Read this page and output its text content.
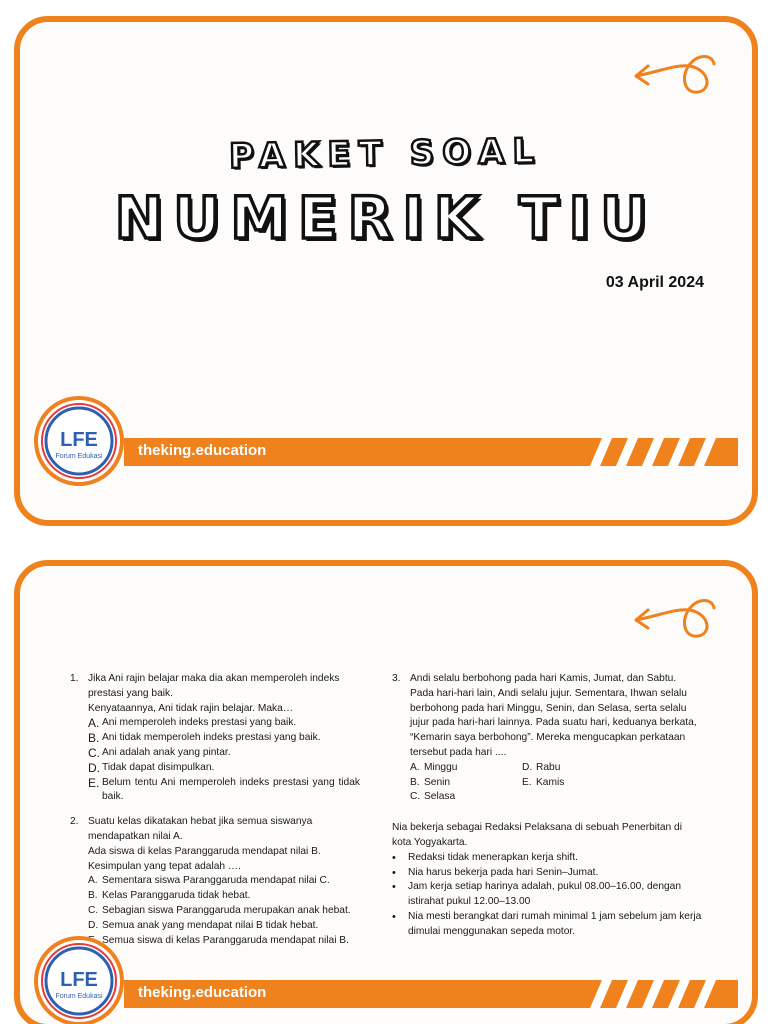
PAKET SOAL
NUMERIK TIU
03 April 2024
theking.education
LFE
Forum Edukasi
1. Jika Ani rajin belajar maka dia akan memperoleh indeks prestasi yang baik.
Kenyataannya, Ani tidak rajin belajar. Maka…
A. Ani memperoleh indeks prestasi yang baik.
B. Ani tidak memperoleh indeks prestasi yang baik.
C. Ani adalah anak yang pintar.
D. Tidak dapat disimpulkan.
E. Belum tentu Ani memperoleh indeks prestasi yang tidak baik.
2. Suatu kelas dikatakan hebat jika semua siswanya mendapatkan nilai A.
Ada siswa di kelas Paranggaruda mendapat nilai B.
Kesimpulan yang tepat adalah ….
A. Sementara siswa Paranggaruda mendapat nilai C.
B. Kelas Paranggaruda tidak hebat.
C. Sebagian siswa Paranggaruda merupakan anak hebat.
D. Semua anak yang mendapat nilai B tidak hebat.
Semua siswa di kelas Paranggaruda mendapat nilai B.
3. Andi selalu berbohong pada hari Kamis, Jumat, dan Sabtu. Pada hari-hari lain, Andi selalu jujur. Sementara, Ihwan selalu berbohong pada hari Minggu, Senin, dan Selasa, serta selalu jujur pada hari-hari lainnya. Pada suatu hari, keduanya berkata, “Kemarin saya berbohong”. Mereka mengucapkan perkataan tersebut pada hari ....
A. Minggu	D. Rabu
B. Senin	E. Kamis
C. Selasa
Nia bekerja sebagai Redaksi Pelaksana di sebuah Penerbitan di kota Yogyakarta.
•	Redaksi tidak menerapkan kerja shift.
•	Nia harus bekerja pada hari Senin–Jumat.
•	Jam kerja setiap harinya adalah, pukul 08.00–16.00, dengan istirahat pukul 12.00–13.00
•	Nia mesti berangkat dari rumah minimal 1 jam sebelum jam kerja dimulai menggunakan sepeda motor.
theking.education
LFE
Forum Edukasi
